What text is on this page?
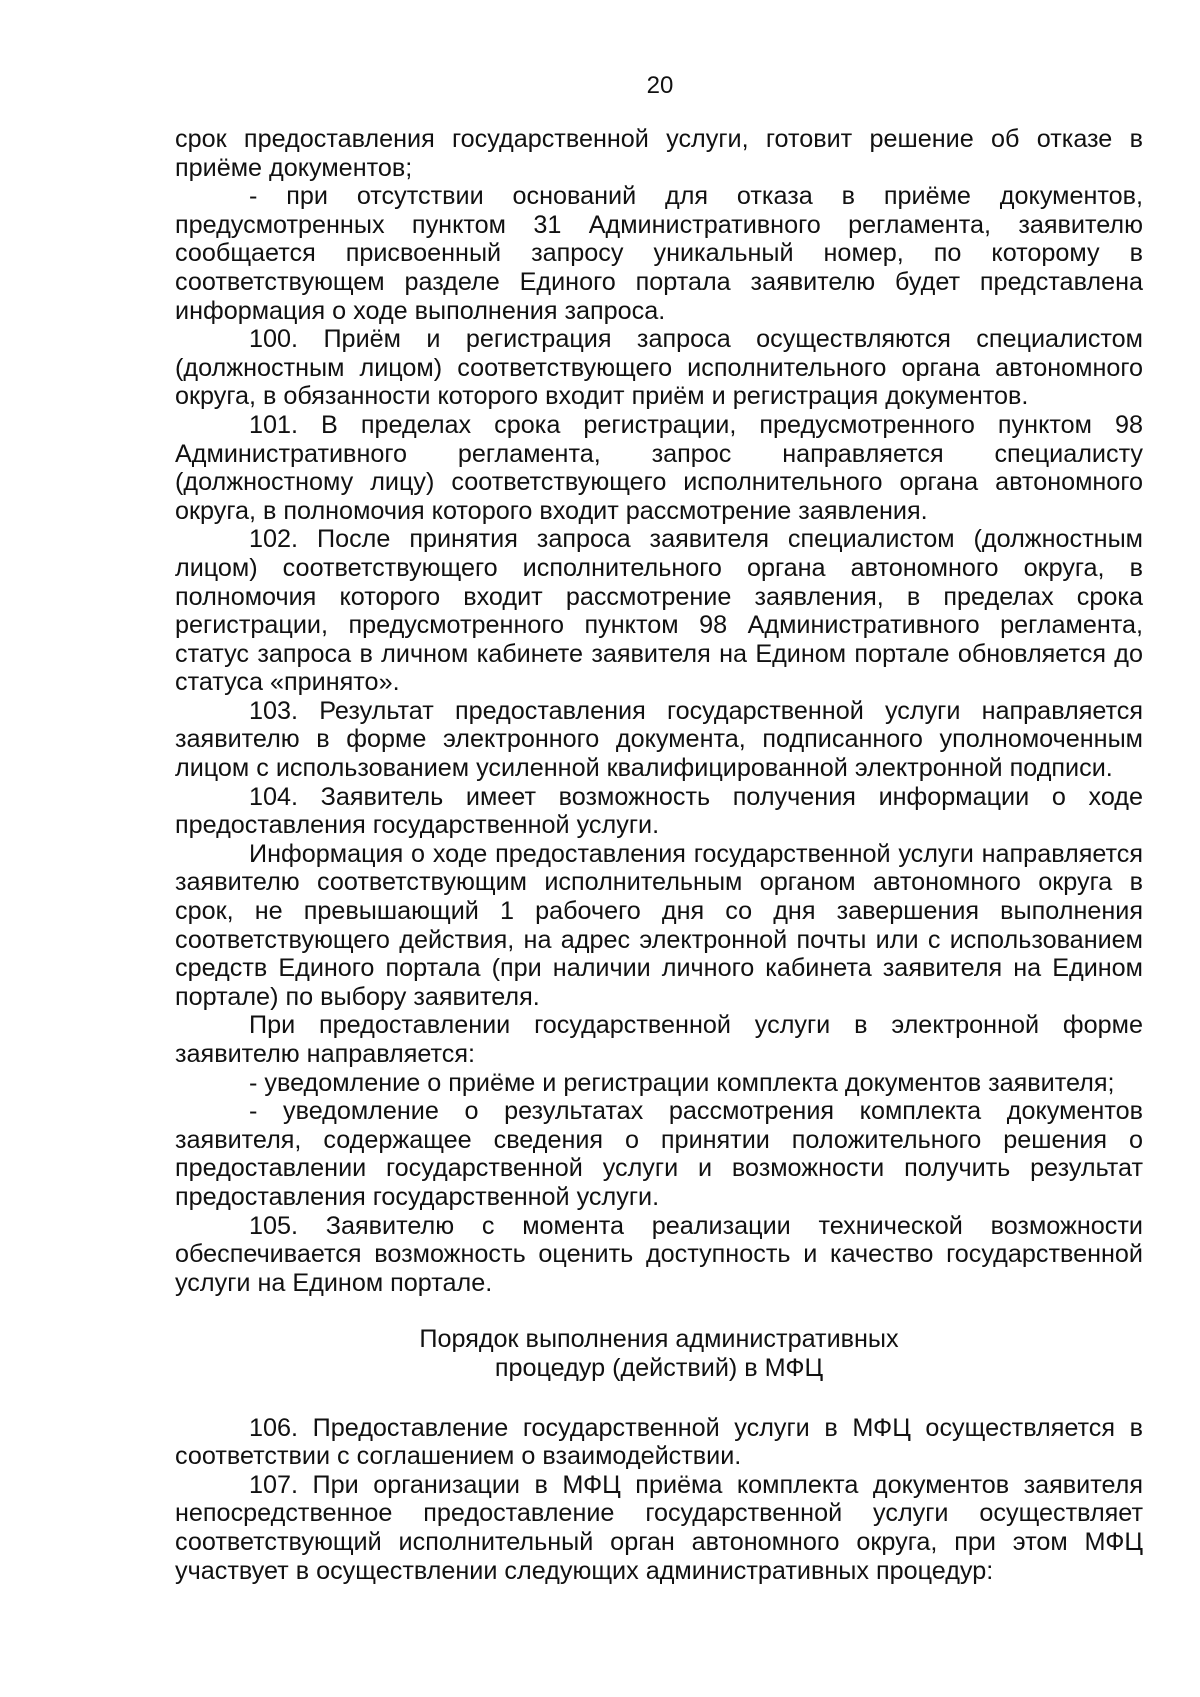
20

срок предоставления государственной услуги, готовит решение об отказе в приёме документов;

- при отсутствии оснований для отказа в приёме документов, предусмотренных пунктом 31 Административного регламента, заявителю сообщается присвоенный запросу уникальный номер, по которому в соответствующем разделе Единого портала заявителю будет представлена информация о ходе выполнения запроса.

100. Приём и регистрация запроса осуществляются специалистом (должностным лицом) соответствующего исполнительного органа автономного округа, в обязанности которого входит приём и регистрация документов.

101. В пределах срока регистрации, предусмотренного пунктом 98 Административного регламента, запрос направляется специалисту (должностному лицу) соответствующего исполнительного органа автономного округа, в полномочия которого входит рассмотрение заявления.

102. После принятия запроса заявителя специалистом (должностным лицом) соответствующего исполнительного органа автономного округа, в полномочия которого входит рассмотрение заявления, в пределах срока регистрации, предусмотренного пунктом 98 Административного регламента, статус запроса в личном кабинете заявителя на Едином портале обновляется до статуса «принято».

103. Результат предоставления государственной услуги направляется заявителю в форме электронного документа, подписанного уполномоченным лицом с использованием усиленной квалифицированной электронной подписи.

104. Заявитель имеет возможность получения информации о ходе предоставления государственной услуги.

Информация о ходе предоставления государственной услуги направляется заявителю соответствующим исполнительным органом автономного округа в срок, не превышающий 1 рабочего дня со дня завершения выполнения соответствующего действия, на адрес электронной почты или с использованием средств Единого портала (при наличии личного кабинета заявителя на Едином портале) по выбору заявителя.

При предоставлении государственной услуги в электронной форме заявителю направляется:

- уведомление о приёме и регистрации комплекта документов заявителя;

- уведомление о результатах рассмотрения комплекта документов заявителя, содержащее сведения о принятии положительного решения о предоставлении государственной услуги и возможности получить результат предоставления государственной услуги.

105. Заявителю с момента реализации технической возможности обеспечивается возможность оценить доступность и качество государственной услуги на Едином портале.

Порядок выполнения административных
процедур (действий) в МФЦ

106. Предоставление государственной услуги в МФЦ осуществляется в соответствии с соглашением о взаимодействии.

107. При организации в МФЦ приёма комплекта документов заявителя непосредственное предоставление государственной услуги осуществляет соответствующий исполнительный орган автономного округа, при этом МФЦ участвует в осуществлении следующих административных процедур:
